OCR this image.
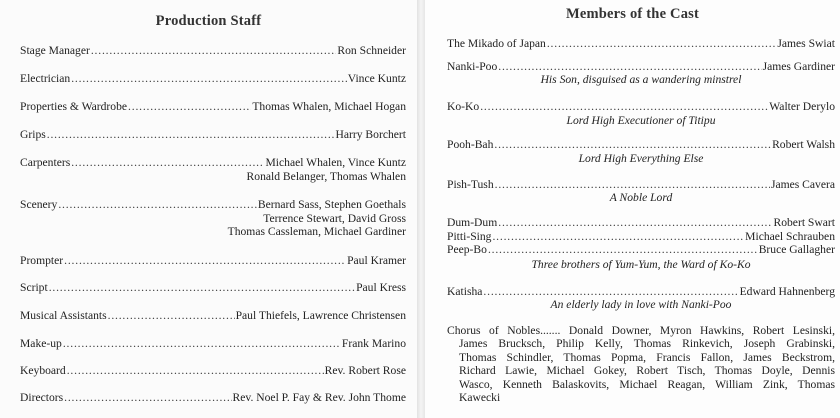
Production Staff
Stage Manager .....	Ron Schneider
Electrician .....	Vince Kuntz
Properties & Wardrobe .....	Thomas Whalen, Michael Hogan
Grips .....	Harry Borchert
Carpenters .....	Michael Whalen, Vince Kuntz
Ronald Belanger, Thomas Whalen
Scenery .....	Bernard Sass, Stephen Goethals
Terrence Stewart, David Gross
Thomas Cassleman, Michael Gardiner
Prompter .....	Paul Kramer
Script .....	Paul Kress
Musical Assistants .....	Paul Thiefels, Lawrence Christensen
Make-up .....	Frank Marino
Keyboard .....	Rev. Robert Rose
Directors .....	Rev. Noel P. Fay & Rev. John Thome
Members of the Cast
The Mikado of Japan .....	James Swiat
Nanki-Poo .....	James Gardiner
His Son, disguised as a wandering minstrel
Ko-Ko .....	Walter Derylo
Lord High Executioner of Titipu
Pooh-Bah .....	Robert Walsh
Lord High Everything Else
Pish-Tush .....	James Cavera
A Noble Lord
Dum-Dum .....	Robert Swart
Pitti-Sing .....	Michael Schrauben
Peep-Bo .....	Bruce Gallagher
Three brothers of Yum-Yum, the Ward of Ko-Ko
Katisha .....	Edward Hahnenberg
An elderly lady in love with Nanki-Poo
Chorus of Nobles....... Donald Downer, Myron Hawkins, Robert Lesinski,
James Brucksch, Philip Kelly, Thomas Rinkevich, Joseph Grabinski,
Thomas Schindler, Thomas Popma, Francis Fallon, James Beckstrom,
Richard Lawie, Michael Gokey, Robert Tisch, Thomas Doyle, Dennis
Wasco, Kenneth Balaskovits, Michael Reagan, William Zink, Thomas
Kawecki
